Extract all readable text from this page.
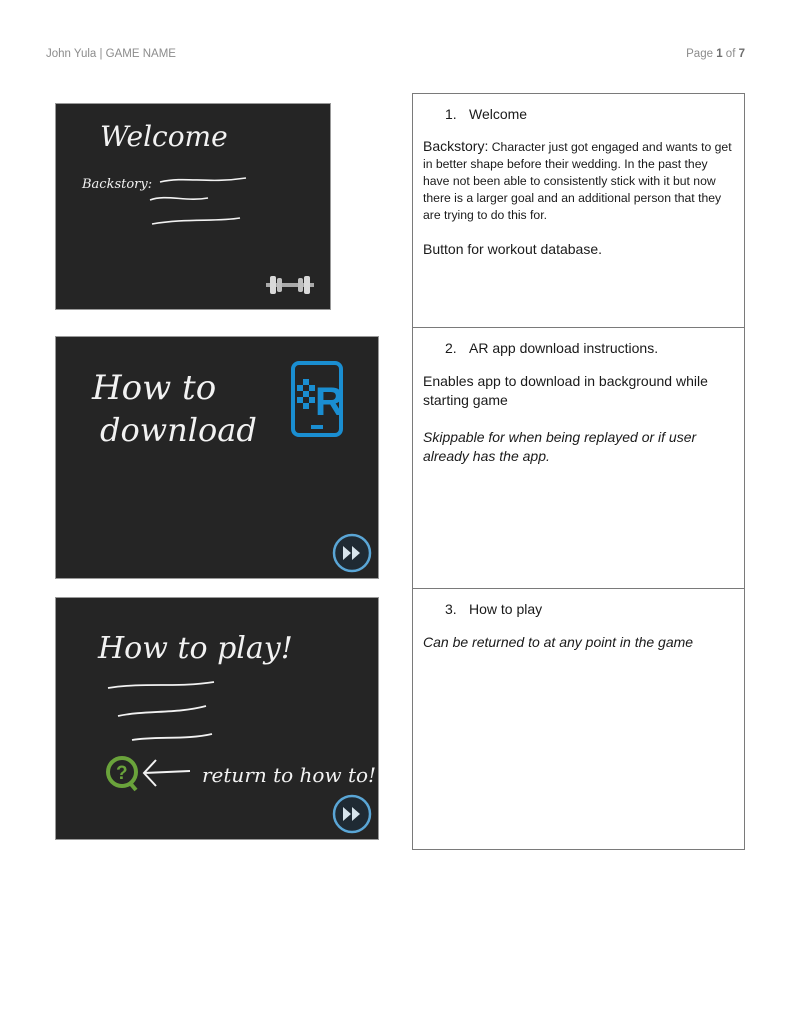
John Yula | GAME NAME	Page 1 of 7
Welcome
Backstory:
How to
download
R
How to play!
?	return to how to!
1. Welcome

Backstory: Character just got engaged and wants to get in better shape before their wedding. In the past they have not been able to consistently stick with it but now there is a larger goal and an additional person that they are trying to do this for.

Button for workout database.

2. AR app download instructions.

Enables app to download in background while starting game

Skippable for when being replayed or if user already has the app.

3. How to play

Can be returned to at any point in the game
